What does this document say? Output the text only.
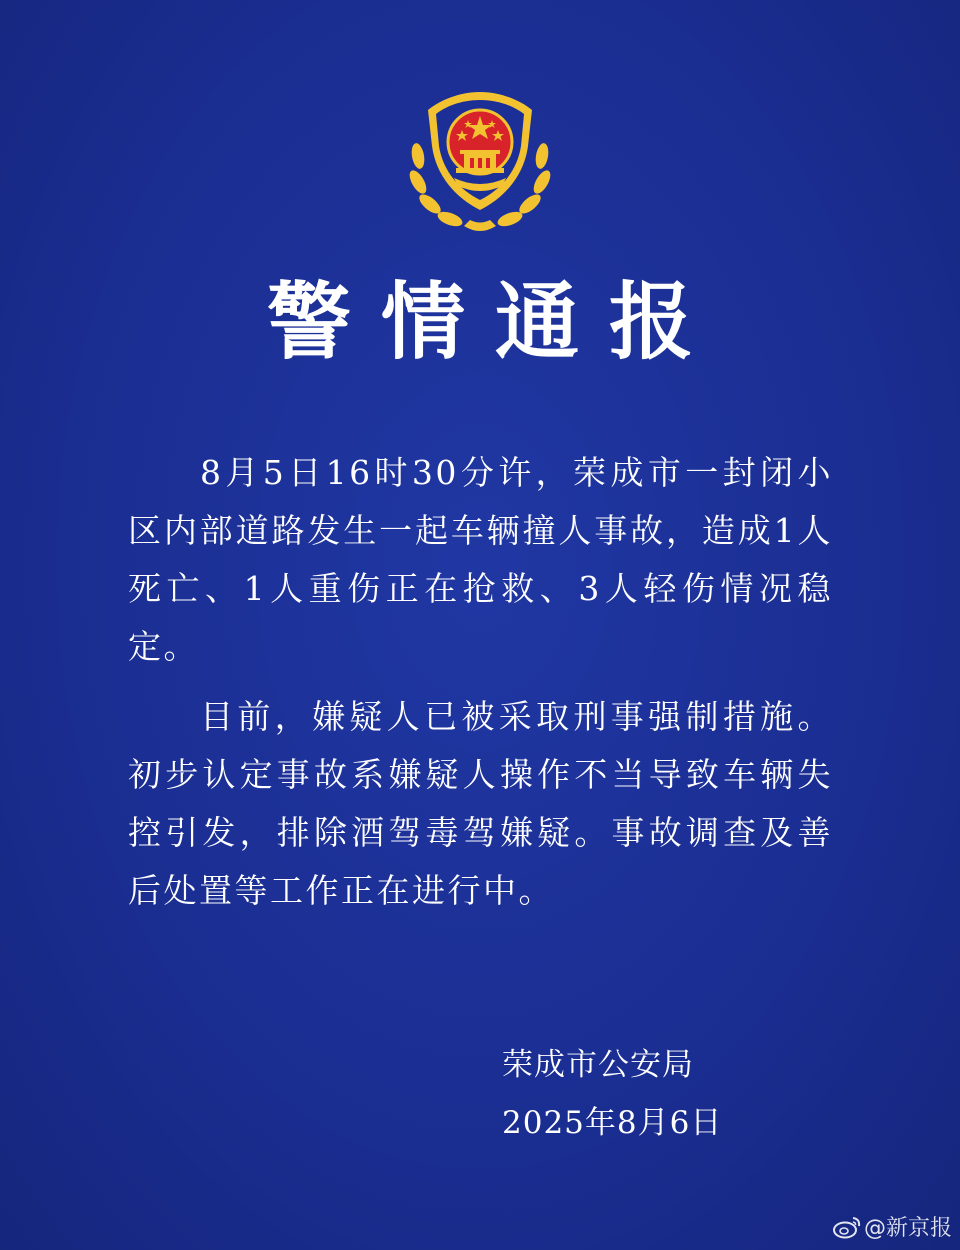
警情通报

8月5日16时30分许，荣成市一封闭小区内部道路发生一起车辆撞人事故，造成1人死亡、1人重伤正在抢救、3人轻伤情况稳定。

目前，嫌疑人已被采取刑事强制措施。初步认定事故系嫌疑人操作不当导致车辆失控引发，排除酒驾毒驾嫌疑。事故调查及善后处置等工作正在进行中。

荣成市公安局
2025年8月6日
@新京报
